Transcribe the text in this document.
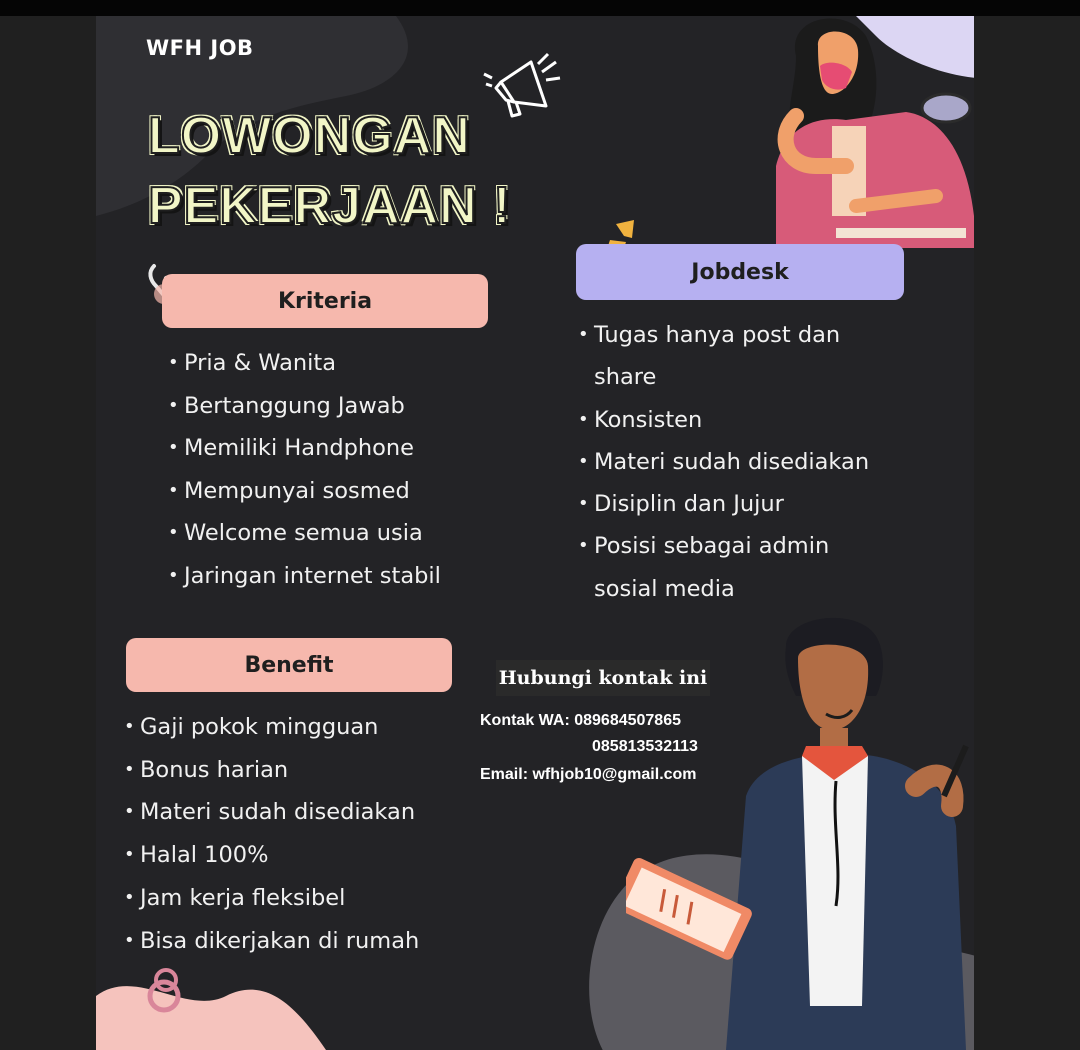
WFH JOB
LOWONGAN
PEKERJAAN !
Kriteria
• Pria & Wanita
• Bertanggung Jawab
• Memiliki Handphone
• Mempunyai sosmed
• Welcome semua usia
• Jaringan internet stabil
Jobdesk
• Tugas hanya post dan
share
• Konsisten
• Materi sudah disediakan
• Disiplin dan Jujur
• Posisi sebagai admin
sosial media
Benefit
• Gaji pokok mingguan
• Bonus harian
• Materi sudah disediakan
• Halal 100%
• Jam kerja fleksibel
• Bisa dikerjakan di rumah
Hubungi kontak ini
Kontak WA: 089684507865
085813532113
Email: wfhjob10@gmail.com
